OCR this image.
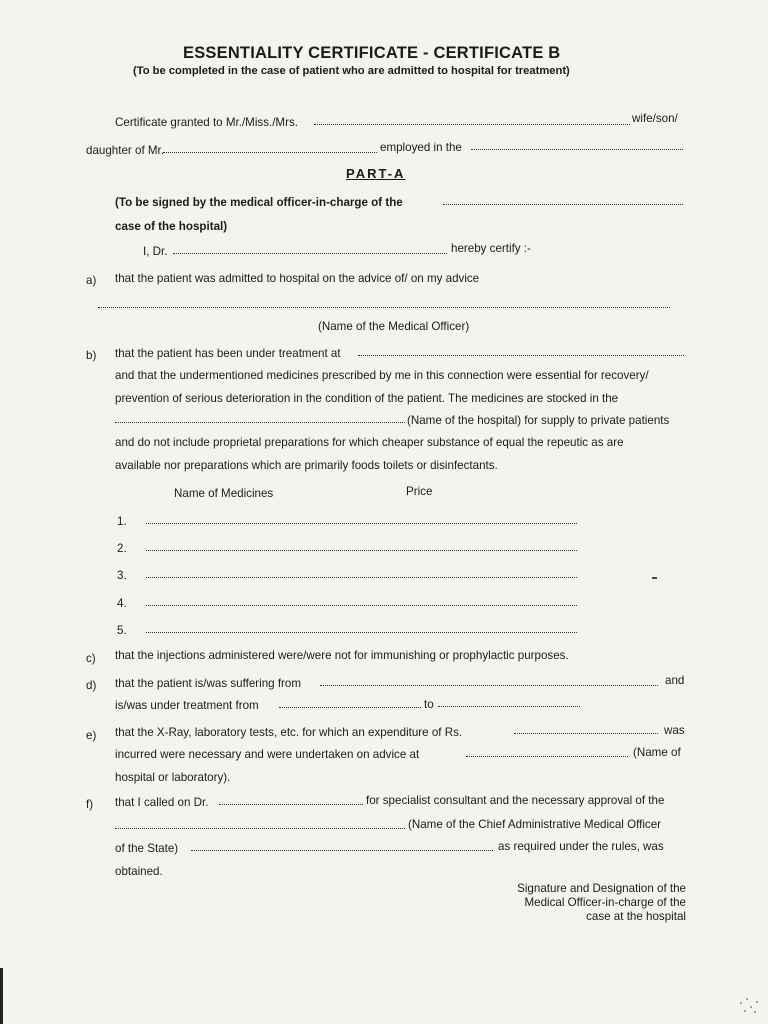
ESSENTIALITY CERTIFICATE - CERTIFICATE B
(To be completed in the case of patient who are admitted to hospital for treatment)
Certificate granted to Mr./Miss./Mrs.	wife/son/
daughter of Mr.	employed in the
PART-A
(To be signed by the medical officer-in-charge of the
case of the hospital)
I, Dr.	hereby certify :-
a) that the patient was admitted to hospital on the advice of/ on my advice
(Name of the Medical Officer)
b) that the patient has been under treatment at
and that the undermentioned medicines prescribed by me in this connection were essential for recovery/
prevention of serious deterioration in the condition of the patient. The medicines are stocked in the
(Name of the hospital) for supply to private patients
and do not include proprietal preparations for which cheaper substance of equal the repeutic as are
available nor preparations which are primarily foods toilets or disinfectants.
Name of Medicines	Price
1.
2.
3.
4.
5.
c) that the injections administered were/were not for immunishing or prophylactic purposes.
d) that the patient is/was suffering from	and
is/was under treatment from	to
e) that the X-Ray, laboratory tests, etc. for which an expenditure of Rs.	was
incurred were necessary and were undertaken on advice at	(Name of
hospital or laboratory).
f) that I called on Dr.	for specialist consultant and the necessary approval of the
(Name of the Chief Administrative Medical Officer
of the State)	as required under the rules, was
obtained.
Signature and Designation of the
Medical Officer-in-charge of the
case at the hospital
